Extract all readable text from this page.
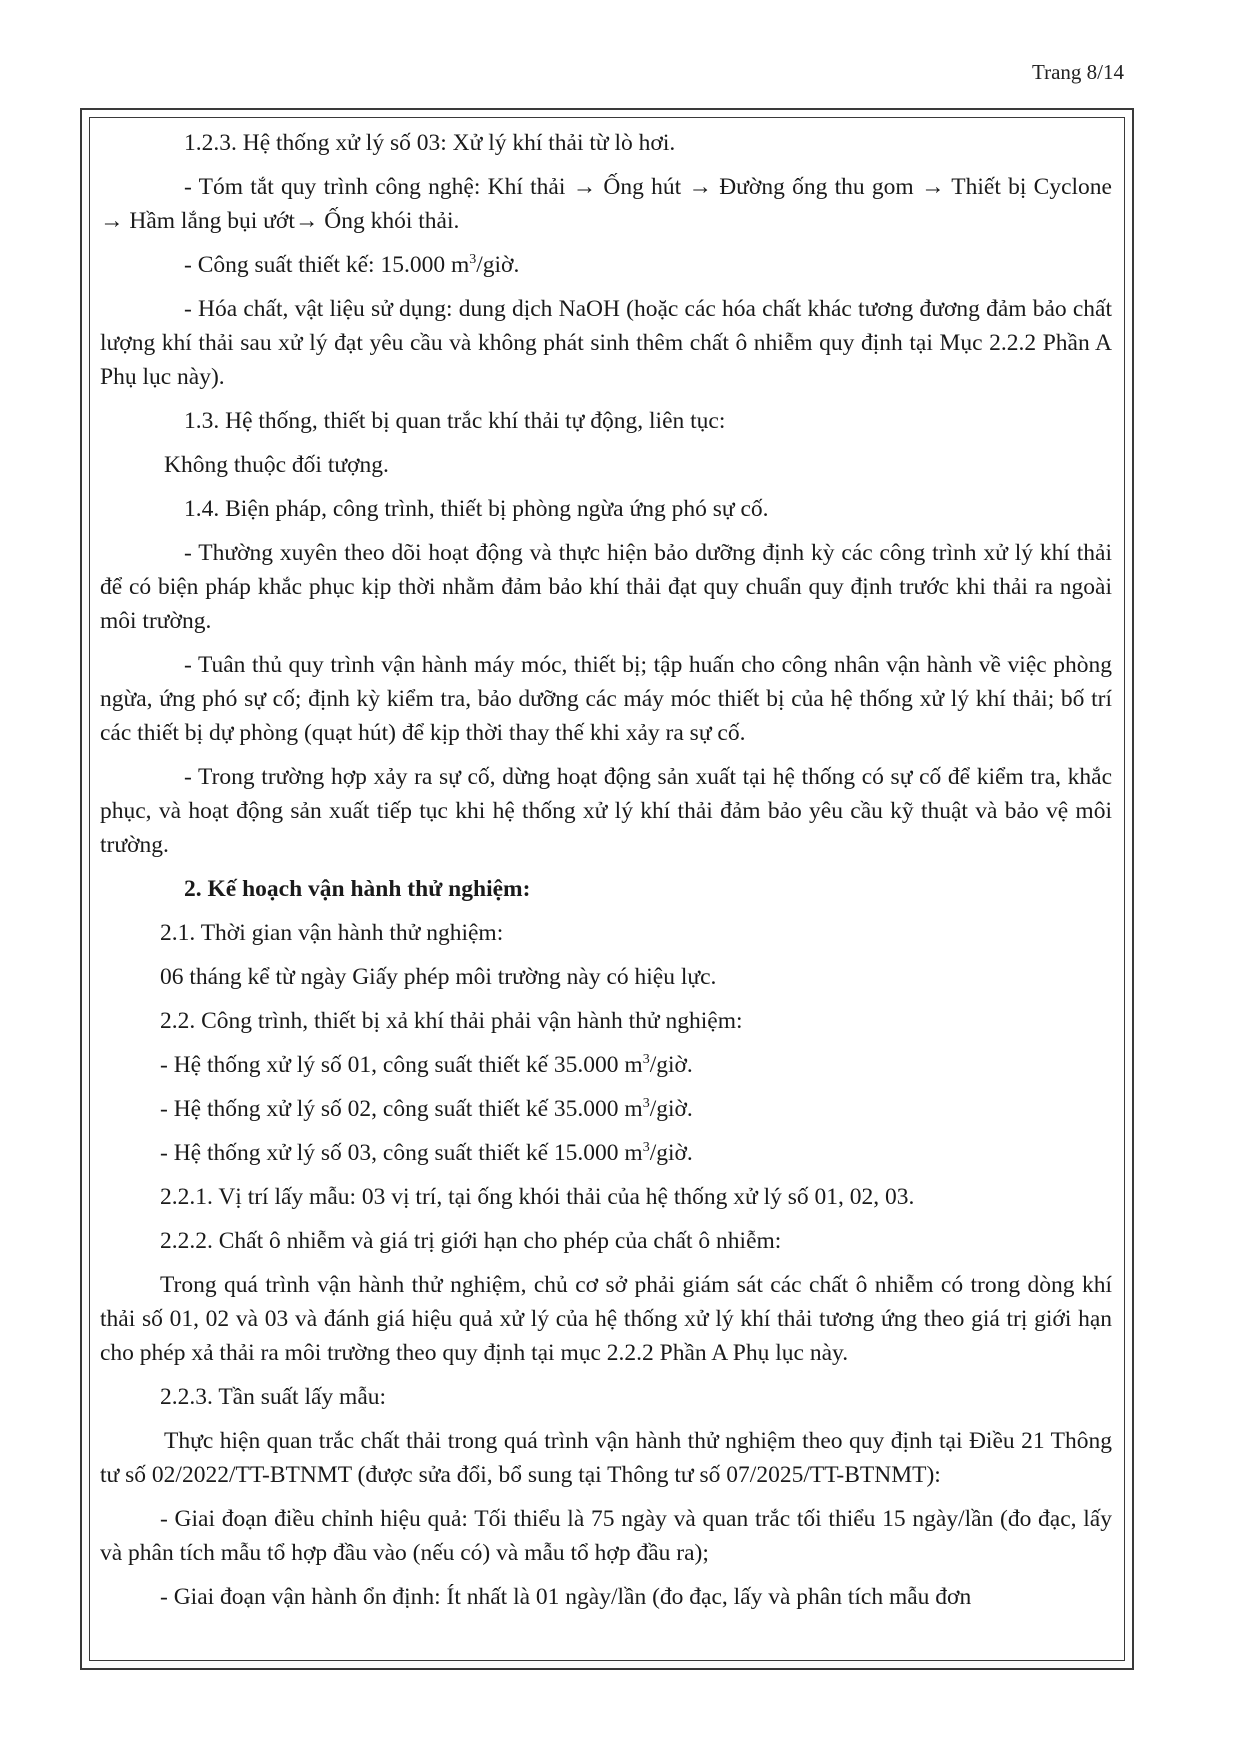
Trang 8/14

1.2.3. Hệ thống xử lý số 03: Xử lý khí thải từ lò hơi.

- Tóm tắt quy trình công nghệ: Khí thải → Ống hút → Đường ống thu gom → Thiết bị Cyclone → Hầm lắng bụi ướt→ Ống khói thải.

- Công suất thiết kế: 15.000 $m^3$/giờ.

- Hóa chất, vật liệu sử dụng: dung dịch NaOH (hoặc các hóa chất khác tương đương đảm bảo chất lượng khí thải sau xử lý đạt yêu cầu và không phát sinh thêm chất ô nhiễm quy định tại Mục 2.2.2 Phần A Phụ lục này).

1.3. Hệ thống, thiết bị quan trắc khí thải tự động, liên tục:

Không thuộc đối tượng.

1.4. Biện pháp, công trình, thiết bị phòng ngừa ứng phó sự cố.

- Thường xuyên theo dõi hoạt động và thực hiện bảo dưỡng định kỳ các công trình xử lý khí thải để có biện pháp khắc phục kịp thời nhằm đảm bảo khí thải đạt quy chuẩn quy định trước khi thải ra ngoài môi trường.

- Tuân thủ quy trình vận hành máy móc, thiết bị; tập huấn cho công nhân vận hành về việc phòng ngừa, ứng phó sự cố; định kỳ kiểm tra, bảo dưỡng các máy móc thiết bị của hệ thống xử lý khí thải; bố trí các thiết bị dự phòng (quạt hút) để kịp thời thay thế khi xảy ra sự cố.

- Trong trường hợp xảy ra sự cố, dừng hoạt động sản xuất tại hệ thống có sự cố để kiểm tra, khắc phục, và hoạt động sản xuất tiếp tục khi hệ thống xử lý khí thải đảm bảo yêu cầu kỹ thuật và bảo vệ môi trường.

2. Kế hoạch vận hành thử nghiệm:

2.1. Thời gian vận hành thử nghiệm:

06 tháng kể từ ngày Giấy phép môi trường này có hiệu lực.

2.2. Công trình, thiết bị xả khí thải phải vận hành thử nghiệm:

- Hệ thống xử lý số 01, công suất thiết kế 35.000 $m^3$/giờ.

- Hệ thống xử lý số 02, công suất thiết kế 35.000 $m^3$/giờ.

- Hệ thống xử lý số 03, công suất thiết kế 15.000 $m^3$/giờ.

2.2.1. Vị trí lấy mẫu: 03 vị trí, tại ống khói thải của hệ thống xử lý số 01, 02, 03.

2.2.2. Chất ô nhiễm và giá trị giới hạn cho phép của chất ô nhiễm:

Trong quá trình vận hành thử nghiệm, chủ cơ sở phải giám sát các chất ô nhiễm có trong dòng khí thải số 01, 02 và 03 và đánh giá hiệu quả xử lý của hệ thống xử lý khí thải tương ứng theo giá trị giới hạn cho phép xả thải ra môi trường theo quy định tại mục 2.2.2 Phần A Phụ lục này.

2.2.3. Tần suất lấy mẫu:

Thực hiện quan trắc chất thải trong quá trình vận hành thử nghiệm theo quy định tại Điều 21 Thông tư số 02/2022/TT-BTNMT (được sửa đổi, bổ sung tại Thông tư số 07/2025/TT-BTNMT):

- Giai đoạn điều chỉnh hiệu quả: Tối thiểu là 75 ngày và quan trắc tối thiểu 15 ngày/lần (đo đạc, lấy và phân tích mẫu tổ hợp đầu vào (nếu có) và mẫu tổ hợp đầu ra);

- Giai đoạn vận hành ổn định: Ít nhất là 01 ngày/lần (đo đạc, lấy và phân tích mẫu đơn
